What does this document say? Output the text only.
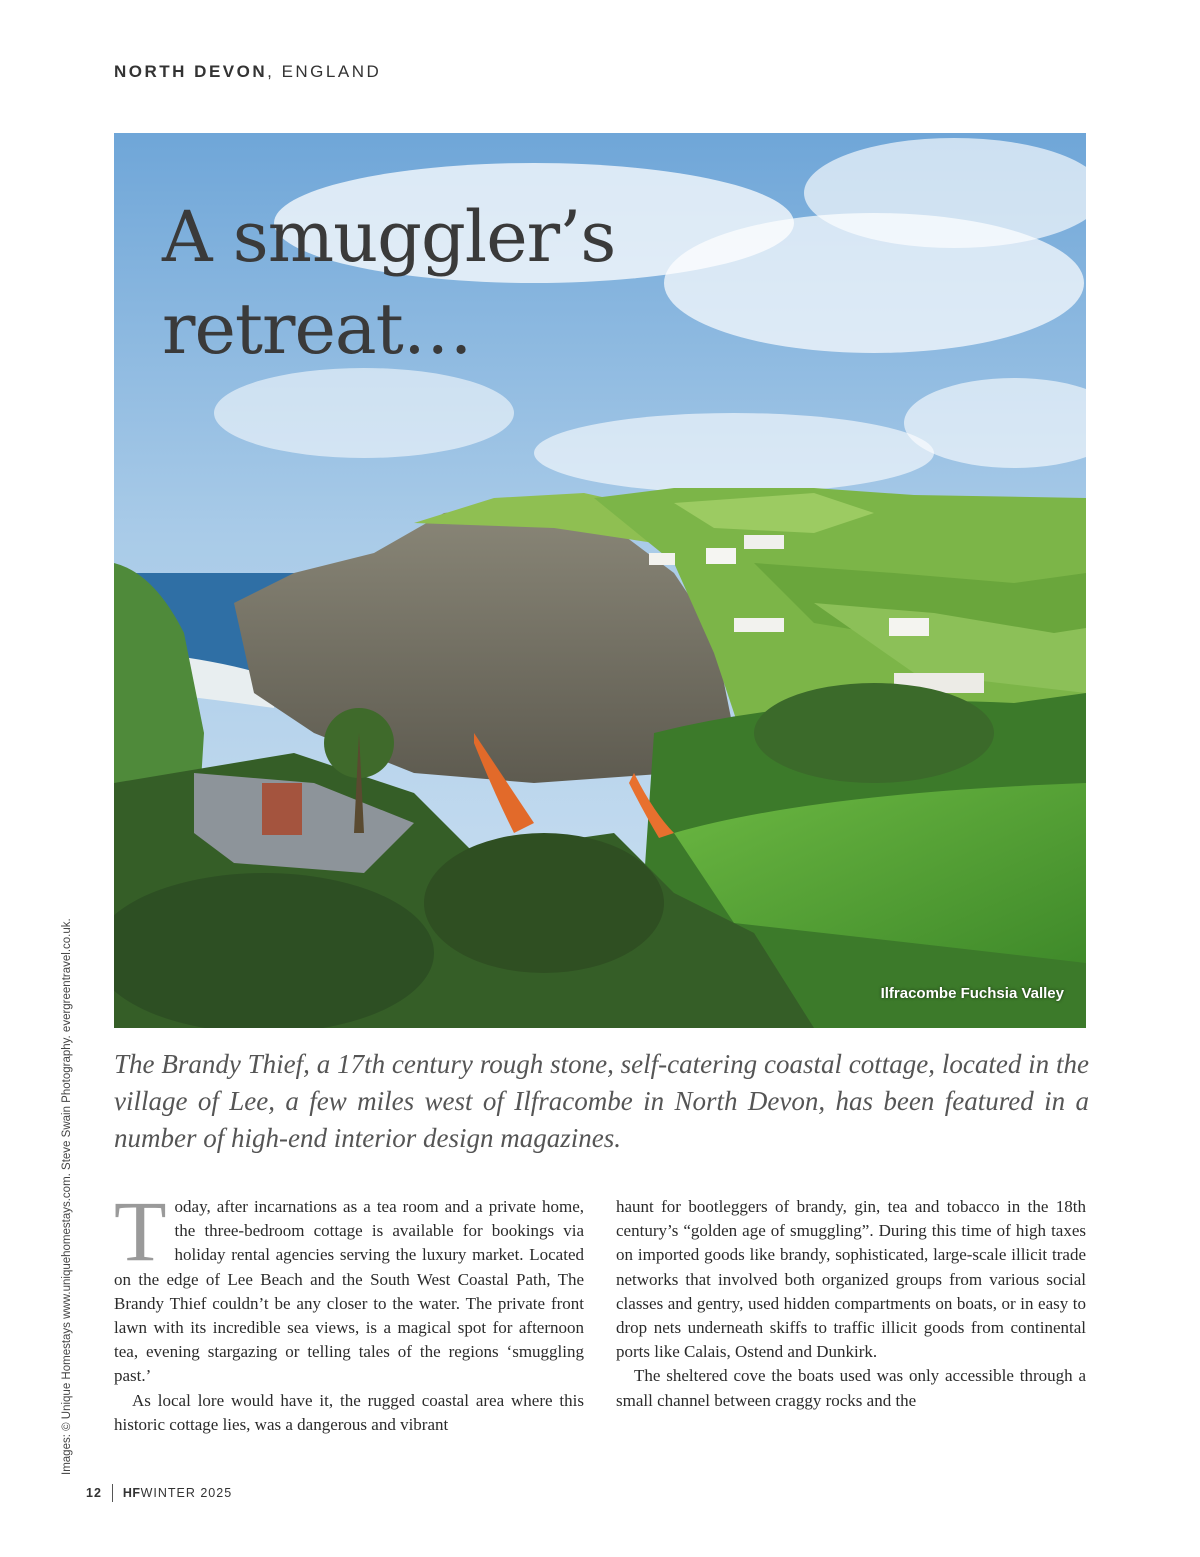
NORTH DEVON, ENGLAND
A smuggler’s
retreat…
Ilfracombe Fuchsia Valley
Images: © Unique Homestays www.uniquehomestays.com. Steve Swain Photography. evergreentravel.co.uk. The Brandy Thief, a 17th century rough stone, self-catering coastal cottage, located in the village of Lee, a few miles west of Ilfracombe in North Devon, has been featured in a number of high-end interior design magazines.

Today, after incarnations as a tea room and a private home, the three-bedroom cottage is available for bookings via holiday rental agencies serving the luxury market. Located on the edge of Lee Beach and the South West Coastal Path, The Brandy Thief couldn’t be any closer to the water. The private front lawn with its incredible sea views, is a magical spot for afternoon tea, evening stargazing or telling tales of the regions ‘smuggling past.’

As local lore would have it, the rugged coastal area where this historic cottage lies, was a dangerous and vibrant

haunt for bootleggers of brandy, gin, tea and tobacco in the 18th century’s “golden age of smuggling”. During this time of high taxes on imported goods like brandy, sophisticated, large-scale illicit trade networks that involved both organized groups from various social classes and gentry, used hidden compartments on boats, or in easy to drop nets underneath skiffs to traffic illicit goods from continental ports like Calais, Ostend and Dunkirk.

The sheltered cove the boats used was only accessible through a small channel between craggy rocks and the

12 HF WINTER 2025
